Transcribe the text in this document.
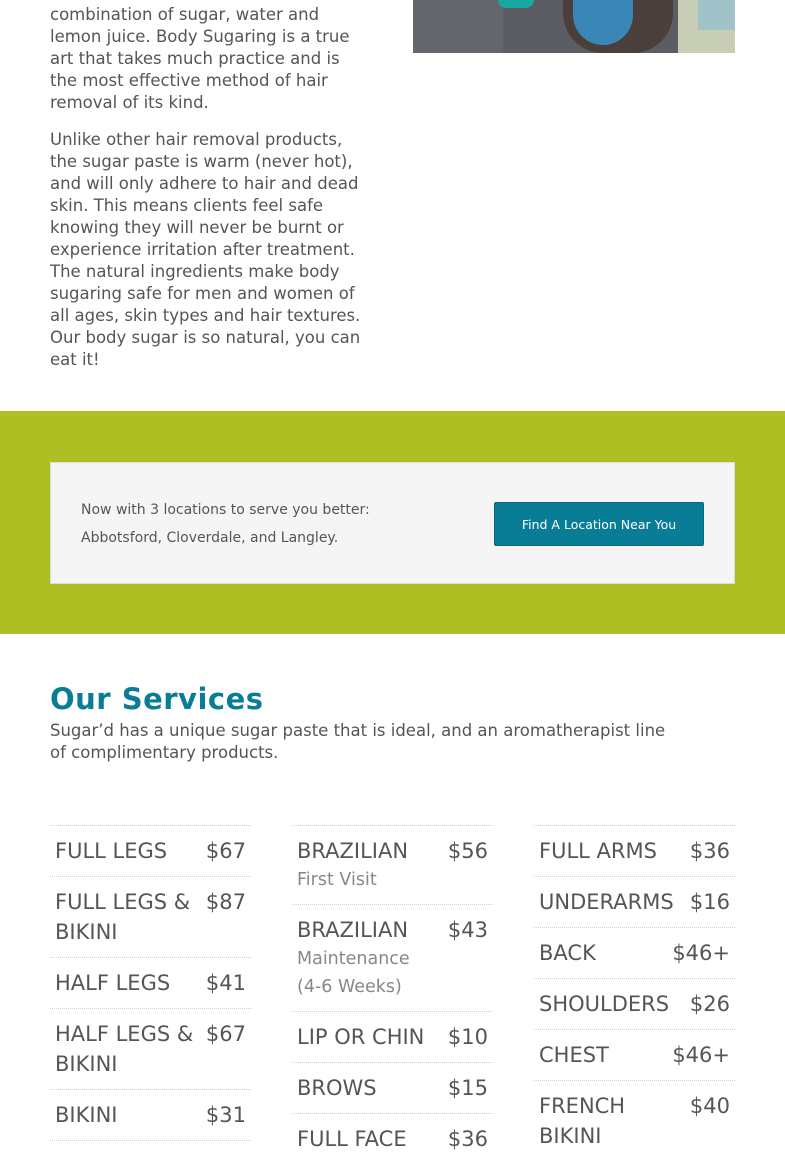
combination of sugar, water and lemon juice. Body Sugaring is a true art that takes much practice and is the most effective method of hair removal of its kind.

Unlike other hair removal products, the sugar paste is warm (never hot), and will only adhere to hair and dead skin. This means clients feel safe knowing they will never be burnt or experience irritation after treatment. The natural ingredients make body sugaring safe for men and women of all ages, skin types and hair textures. Our body sugar is so natural, you can eat it!

Now with 3 locations to serve you better: Abbotsford, Cloverdale, and Langley.

Find A Location Near You
Our Services

Sugar’d has a unique sugar paste that is ideal, and an aromatherapist line of complimentary products.

FULL LEGS $67
FULL LEGS & BIKINI
$87
HALF LEGS $41
HALF LEGS & BIKINI
$67
BIKINI	$31
BRAZILIAN
First Visit
$56
BRAZILIAN
Maintenance (4-6 Weeks)
$43
LIP OR CHIN $10
BROWS	$15
FULL FACE $36
FULL ARMS $36
UNDERARMS $16
BACK	$46+
SHOULDERS $26
CHEST	$46+
FRENCH BIKINI
$40
